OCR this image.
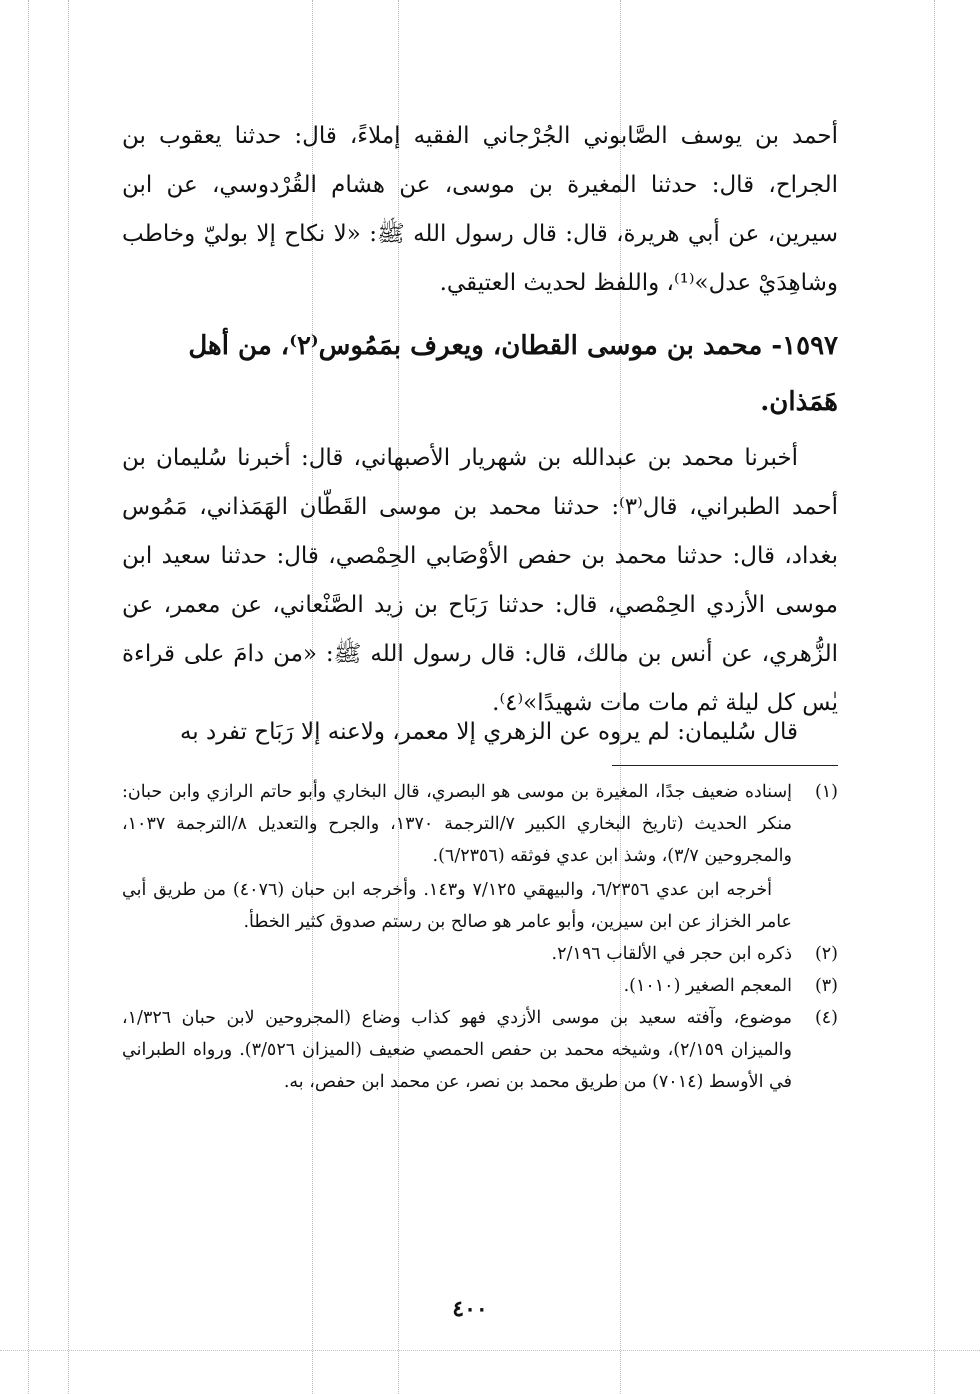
أحمد بن يوسف الصَّابوني الجُرْجاني الفقيه إملاءً، قال: حدثنا يعقوب بن الجراح، قال: حدثنا المغيرة بن موسى، عن هشام القُرْدوسي، عن ابن سيرين، عن أبي هريرة، قال: قال رسول الله ﷺ: «لا نكاح إلا بوليّ وخاطب وشاهِدَيْ عدل»⁽¹⁾، واللفظ لحديث العتيقي.

١٥٩٧- محمد بن موسى القطان، ويعرف بمَمُوس⁽٢⁾، من أهل هَمَذان.

أخبرنا محمد بن عبدالله بن شهريار الأصبهاني، قال: أخبرنا سُليمان بن أحمد الطبراني، قال⁽٣⁾: حدثنا محمد بن موسى القَطّان الهَمَذاني، مَمُوس بغداد، قال: حدثنا محمد بن حفص الأوْصَابي الحِمْصي، قال: حدثنا سعيد ابن موسى الأزدي الحِمْصي، قال: حدثنا رَبَاح بن زيد الصَّنْعاني، عن معمر، عن الزُّهري، عن أنس بن مالك، قال: قال رسول الله ﷺ: «من دامَ على قراءة يٰس كل ليلة ثم مات مات شهيدًا»⁽٤⁾.

قال سُليمان: لم يروه عن الزهري إلا معمر، ولاعنه إلا رَبَاح تفرد به

(١)

إسناده ضعيف جدًا، المغيرة بن موسى هو البصري، قال البخاري وأبو حاتم الرازي وابن حبان: منكر الحديث (تاريخ البخاري الكبير ٧/الترجمة ١٣٧٠، والجرح والتعديل ٨/الترجمة ١٠٣٧، والمجروحين ٣/٧)، وشذ ابن عدي فوثقه (٦/٢٣٥٦).

أخرجه ابن عدي ٦/٢٣٥٦، والبيهقي ٧/١٢٥ و١٤٣. وأخرجه ابن حبان (٤٠٧٦) من طريق أبي عامر الخزاز عن ابن سيرين، وأبو عامر هو صالح بن رستم صدوق كثير الخطأ.
(٢)

ذكره ابن حجر في الألقاب ٢/١٩٦.

(٣)

المعجم الصغير (١٠١٠).

(٤)

موضوع، وآفته سعيد بن موسى الأزدي فهو كذاب وضاع (المجروحين لابن حبان ١/٣٢٦، والميزان ٢/١٥٩)، وشيخه محمد بن حفص الحمصي ضعيف (الميزان ٣/٥٢٦). ورواه الطبراني في الأوسط (٧٠١٤) من طريق محمد بن نصر، عن محمد ابن حفص، به.

٤٠٠
